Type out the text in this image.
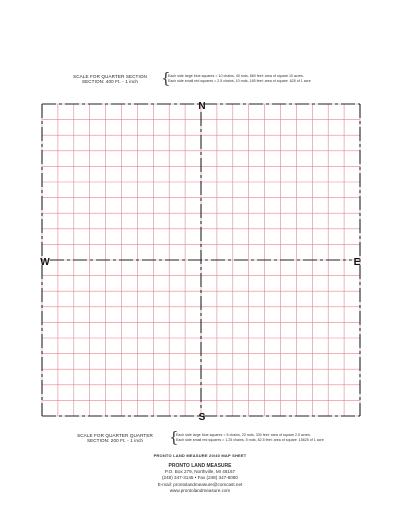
SCALE FOR QUARTER SECTION
SECTION: 400 Ft. - 1 inch	{
Each side large blue squares = 10 chains, 40 rods, 660 feet: area of square 10 acres.
Each side small red squares = 2.5 chains, 10 rods, 165 feet: area of square .625 of 1 acre
N
S
W	E
SCALE FOR QUARTER QUARTER
SECTION: 200 Ft. - 1 inch	{
Each side large blue squares = 5 chains, 20 rods, 330 feet: area of square 2.5 acres.
Each side small red squares = 1.25 chains, 5 rods, 82.5 feet: area of square .15625 of 1 acre
PRONTO LAND MEASURE 20/40 MAP SHEET
PRONTO LAND MEASURE
P.O. Box 279, Northville, MI 48167
(248) 347-3145 • Fax (248) 347-6080
E-mail: prontolandmeasure@comcast.net
www.prontolandmeasure.com
